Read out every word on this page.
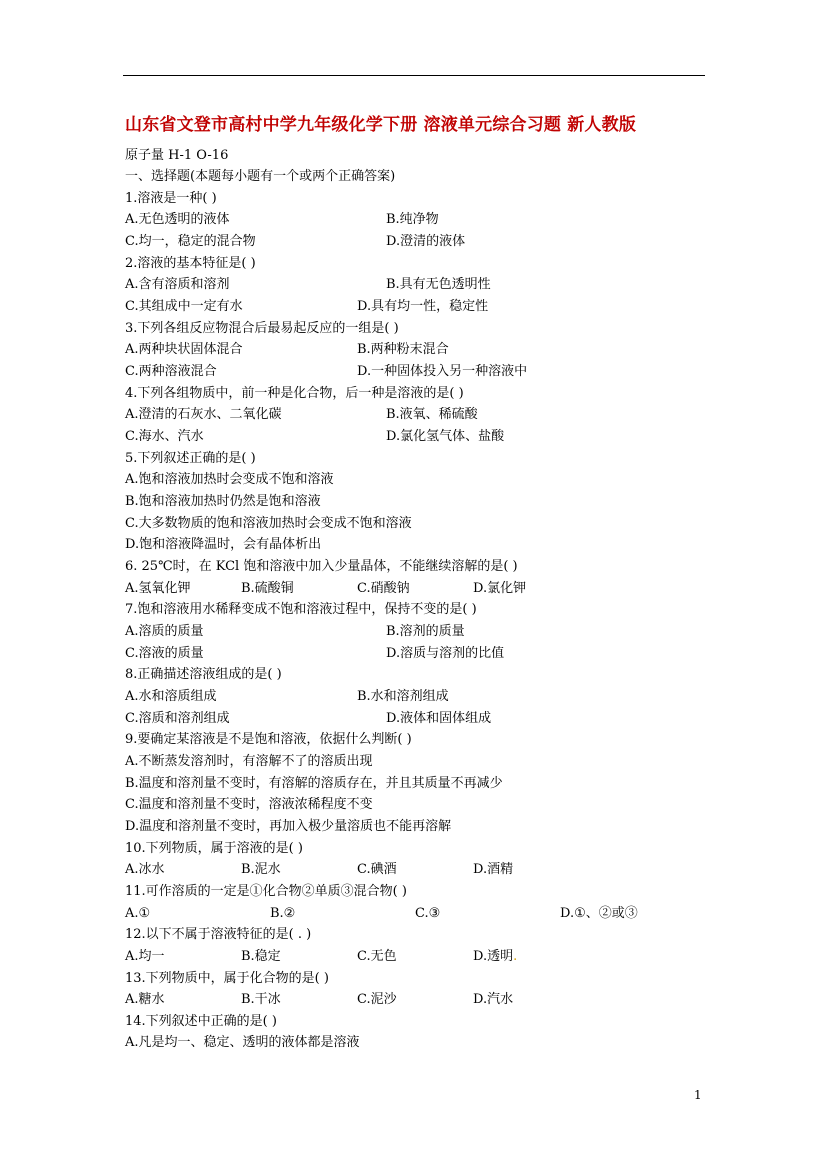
山东省文登市高村中学九年级化学下册 溶液单元综合习题 新人教版
原子量 H-1 O-16
一、选择题(本题每小题有一个或两个正确答案)
1.溶液是一种( )
A.无色透明的液体	B.纯净物
C.均一，稳定的混合物	D.澄清的液体
2.溶液的基本特征是( )
A.含有溶质和溶剂	B.具有无色透明性
C.其组成中一定有水	D.具有均一性，稳定性
3.下列各组反应物混合后最易起反应的一组是( )
A.两种块状固体混合	B.两种粉末混合
C.两种溶液混合	D.一种固体投入另一种溶液中
4.下列各组物质中，前一种是化合物，后一种是溶液的是( )
A.澄清的石灰水、二氧化碳	B.液氧、稀硫酸
C.海水、汽水	D.氯化氢气体、盐酸
5.下列叙述正确的是( )
A.饱和溶液加热时会变成不饱和溶液
B.饱和溶液加热时仍然是饱和溶液
C.大多数物质的饱和溶液加热时会变成不饱和溶液
D.饱和溶液降温时，会有晶体析出
6. 25℃时，在 KCl 饱和溶液中加入少量晶体，不能继续溶解的是( )
A.氢氧化钾	B.硫酸铜	C.硝酸钠	D.氯化钾
7.饱和溶液用水稀释变成不饱和溶液过程中，保持不变的是( )
A.溶质的质量	B.溶剂的质量
C.溶液的质量	D.溶质与溶剂的比值
8.正确描述溶液组成的是( )
A.水和溶质组成	B.水和溶剂组成
C.溶质和溶剂组成	D.液体和固体组成
9.要确定某溶液是不是饱和溶液，依据什么判断( )
A.不断蒸发溶剂时，有溶解不了的溶质出现
B.温度和溶剂量不变时，有溶解的溶质存在，并且其质量不再减少
C.温度和溶剂量不变时，溶液浓稀程度不变
D.温度和溶剂量不变时，再加入极少量溶质也不能再溶解
10.下列物质，属于溶液的是( )
A.冰水	B.泥水	C.碘酒	D.酒精
11.可作溶质的一定是①化合物②单质③混合物( )
A.①	B.②	C.③	D.①、②或③
12.以下不属于溶液特征的是( . )
A.均一	B.稳定	C.无色	D.透明.
13.下列物质中，属于化合物的是( )
A.糖水	B.干冰	C.泥沙	D.汽水
14.下列叙述中正确的是( )
A.凡是均一、稳定、透明的液体都是溶液
1
